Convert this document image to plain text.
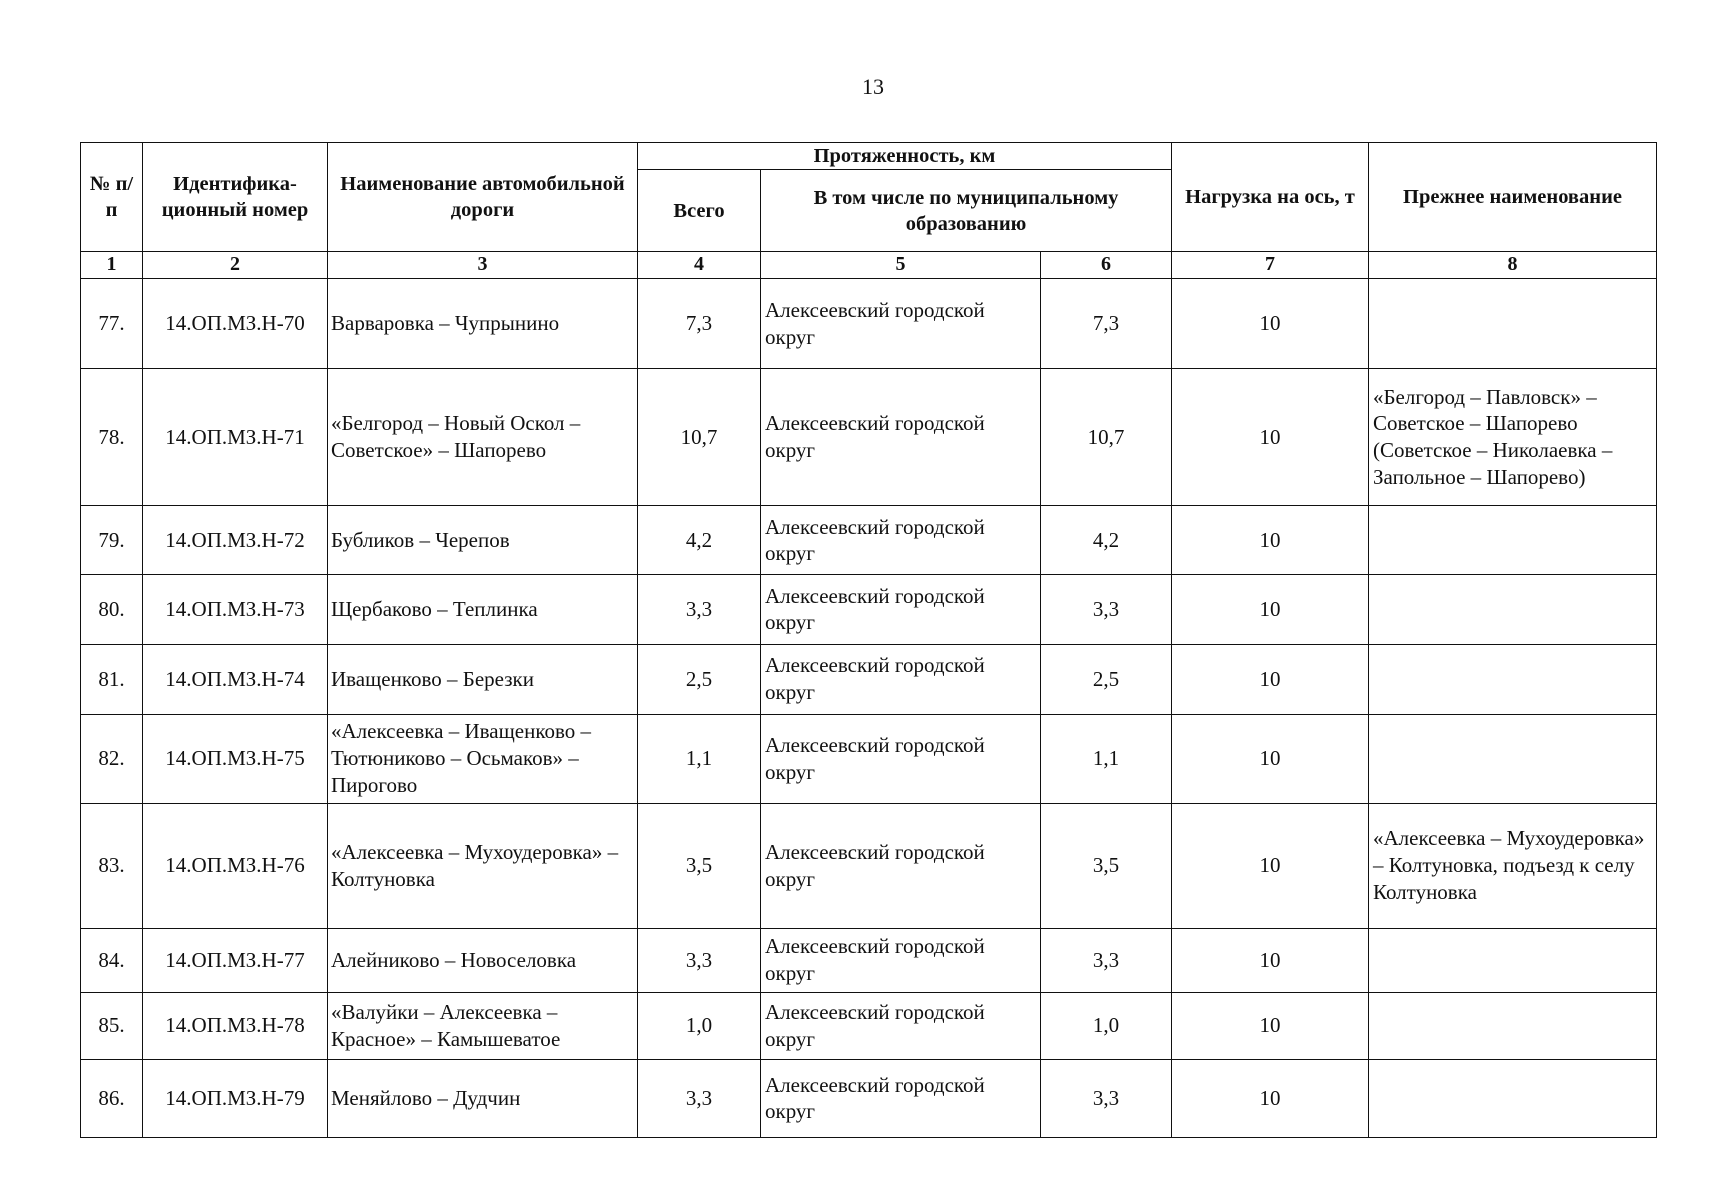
13
№ п/п	Идентифика-ционный номер	Наименование автомобильной дороги	Протяженность, км			Нагрузка на ось, т	Прежнее наименование
			Всего	В том числе по муниципальному образованию			
1	2	3	4	5	6	7	8
77.	14.ОП.МЗ.Н-70	Варваровка – Чупрынино	7,3	Алексеевский городской округ	7,3	10	
78.	14.ОП.МЗ.Н-71	«Белгород – Новый Оскол – Советское» – Шапорево	10,7	Алексеевский городской округ	10,7	10	«Белгород – Павловск» – Советское – Шапорево (Советское – Николаевка – Запольное – Шапорево)
79.	14.ОП.МЗ.Н-72	Бубликов – Черепов	4,2	Алексеевский городской округ	4,2	10	
80.	14.ОП.МЗ.Н-73	Щербаково – Теплинка	3,3	Алексеевский городской округ	3,3	10	
81.	14.ОП.МЗ.Н-74	Иващенково – Березки	2,5	Алексеевский городской округ	2,5	10	
82.	14.ОП.МЗ.Н-75	«Алексеевка – Иващенково – Тютюниково – Осьмаков» – Пирогово	1,1	Алексеевский городской округ	1,1	10	
83.	14.ОП.МЗ.Н-76	«Алексеевка – Мухоудеровка» – Колтуновка	3,5	Алексеевский городской округ	3,5	10	«Алексеевка – Мухоудеровка» – Колтуновка, подъезд к селу Колтуновка
84.	14.ОП.МЗ.Н-77	Алейниково – Новоселовка	3,3	Алексеевский городской округ	3,3	10	
85.	14.ОП.МЗ.Н-78	«Валуйки – Алексеевка – Красное» – Камышеватое	1,0	Алексеевский городской округ	1,0	10	
86.	14.ОП.МЗ.Н-79	Меняйлово – Дудчин	3,3	Алексеевский городской округ	3,3	10	
